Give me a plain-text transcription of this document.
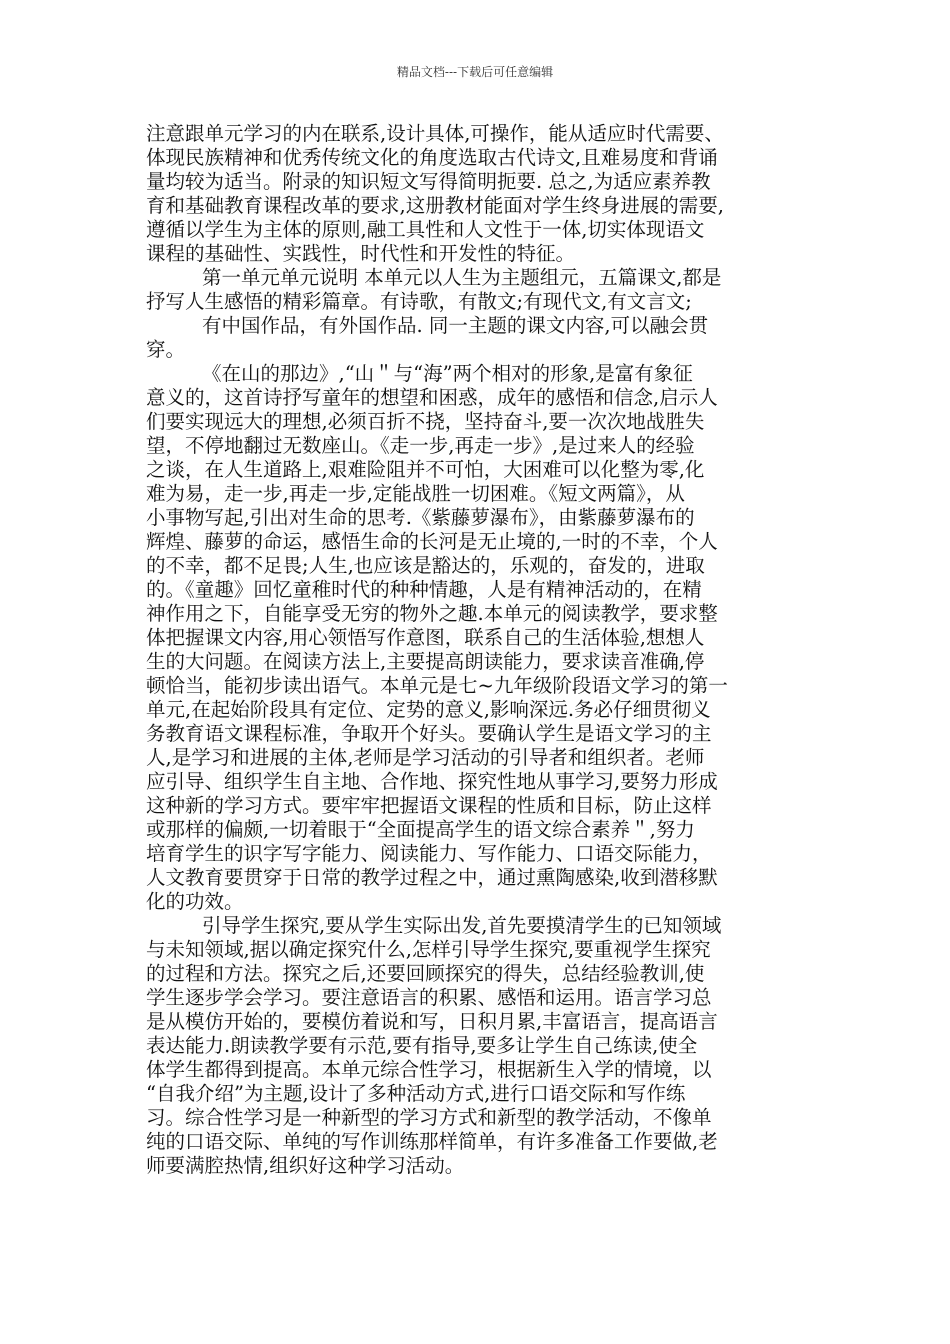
精品文档---下载后可任意编辑
注意跟单元学习的内在联系,设计具体,可操作，能从适应时代需要、
体现民族精神和优秀传统文化的角度选取古代诗文,且难易度和背诵
量均较为适当。附录的知识短文写得简明扼要. 总之,为适应素养教
育和基础教育课程改革的要求,这册教材能面对学生终身进展的需要,
遵循以学生为主体的原则,融工具性和人文性于一体,切实体现语文
课程的基础性、实践性，时代性和开发性的特征。
第一单元单元说明 本单元以人生为主题组元，五篇课文,都是
抒写人生感悟的精彩篇章。有诗歌，有散文;有现代文,有文言文;
有中国作品，有外国作品. 同一主题的课文内容,可以融会贯
穿。
《在山的那边》,“山＂与“海”两个相对的形象,是富有象征
意义的，这首诗抒写童年的想望和困惑，成年的感悟和信念,启示人
们要实现远大的理想,必须百折不挠，坚持奋斗,要一次次地战胜失
望，不停地翻过无数座山。《走一步,再走一步》,是过来人的经验
之谈，在人生道路上,艰难险阻并不可怕，大困难可以化整为零,化
难为易，走一步,再走一步,定能战胜一切困难。《短文两篇》，从
小事物写起,引出对生命的思考.《紫藤萝瀑布》，由紫藤萝瀑布的
辉煌、藤萝的命运，感悟生命的长河是无止境的,一时的不幸，个人
的不幸，都不足畏;人生,也应该是豁达的，乐观的，奋发的，进取
的。《童趣》回忆童稚时代的种种情趣，人是有精神活动的，在精
神作用之下，自能享受无穷的物外之趣.本单元的阅读教学，要求整
体把握课文内容,用心领悟写作意图，联系自己的生活体验,想想人
生的大问题。在阅读方法上,主要提高朗读能力，要求读音准确,停
顿恰当，能初步读出语气。本单元是七~九年级阶段语文学习的第一
单元,在起始阶段具有定位、定势的意义,影响深远.务必仔细贯彻义
务教育语文课程标准，争取开个好头。要确认学生是语文学习的主
人,是学习和进展的主体,老师是学习活动的引导者和组织者。老师
应引导、组织学生自主地、合作地、探究性地从事学习,要努力形成
这种新的学习方式。要牢牢把握语文课程的性质和目标，防止这样
或那样的偏颇,一切着眼于“全面提高学生的语文综合素养＂,努力
培育学生的识字写字能力、阅读能力、写作能力、口语交际能力，
人文教育要贯穿于日常的教学过程之中，通过熏陶感染,收到潜移默
化的功效。
引导学生探究,要从学生实际出发,首先要摸清学生的已知领域
与未知领域,据以确定探究什么,怎样引导学生探究,要重视学生探究
的过程和方法。探究之后,还要回顾探究的得失，总结经验教训,使
学生逐步学会学习。要注意语言的积累、感悟和运用。语言学习总
是从模仿开始的，要模仿着说和写，日积月累,丰富语言，提高语言
表达能力.朗读教学要有示范,要有指导,要多让学生自己练读,使全
体学生都得到提高。本单元综合性学习，根据新生入学的情境，以
“自我介绍”为主题,设计了多种活动方式,进行口语交际和写作练
习。综合性学习是一种新型的学习方式和新型的教学活动，不像单
纯的口语交际、单纯的写作训练那样简单，有许多准备工作要做,老
师要满腔热情,组织好这种学习活动。
